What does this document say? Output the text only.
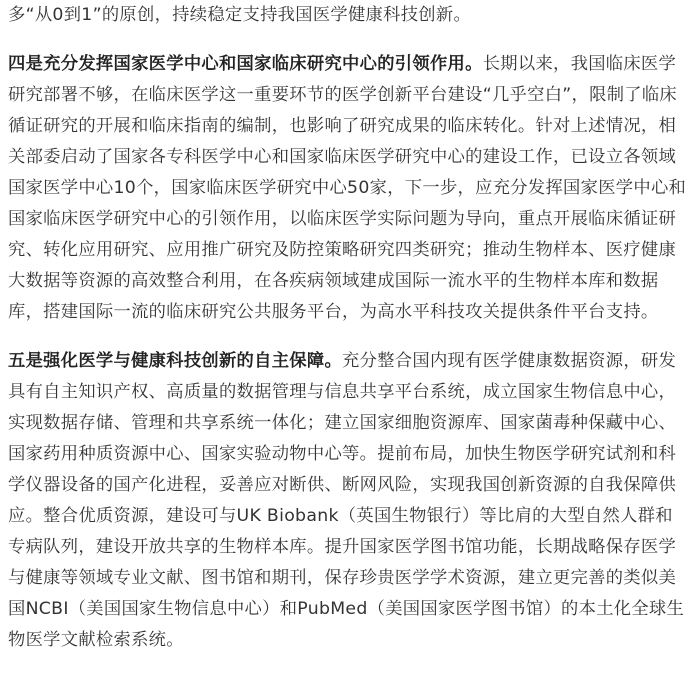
多“从0到1”的原创，持续稳定支持我国医学健康科技创新。

四是充分发挥国家医学中心和国家临床研究中心的引领作用。长期以来，我国临床医学研究部署不够，在临床医学这一重要环节的医学创新平台建设“几乎空白”，限制了临床循证研究的开展和临床指南的编制，也影响了研究成果的临床转化。针对上述情况，相关部委启动了国家各专科医学中心和国家临床医学研究中心的建设工作，已设立各领域国家医学中心10个，国家临床医学研究中心50家，下一步，应充分发挥国家医学中心和国家临床医学研究中心的引领作用，以临床医学实际问题为导向，重点开展临床循证研究、转化应用研究、应用推广研究及防控策略研究四类研究；推动生物样本、医疗健康大数据等资源的高效整合利用，在各疾病领域建成国际一流水平的生物样本库和数据库，搭建国际一流的临床研究公共服务平台，为高水平科技攻关提供条件平台支持。

五是强化医学与健康科技创新的自主保障。充分整合国内现有医学健康数据资源，研发具有自主知识产权、高质量的数据管理与信息共享平台系统，成立国家生物信息中心，实现数据存储、管理和共享系统一体化；建立国家细胞资源库、国家菌毒种保藏中心、国家药用种质资源中心、国家实验动物中心等。提前布局，加快生物医学研究试剂和科学仪器设备的国产化进程，妥善应对断供、断网风险，实现我国创新资源的自我保障供应。整合优质资源，建设可与UK Biobank（英国生物银行）等比肩的大型自然人群和专病队列，建设开放共享的生物样本库。提升国家医学图书馆功能，长期战略保存医学与健康等领域专业文献、图书馆和期刊，保存珍贵医学学术资源，建立更完善的类似美国NCBI（美国国家生物信息中心）和PubMed（美国国家医学图书馆）的本土化全球生物医学文献检索系统。
